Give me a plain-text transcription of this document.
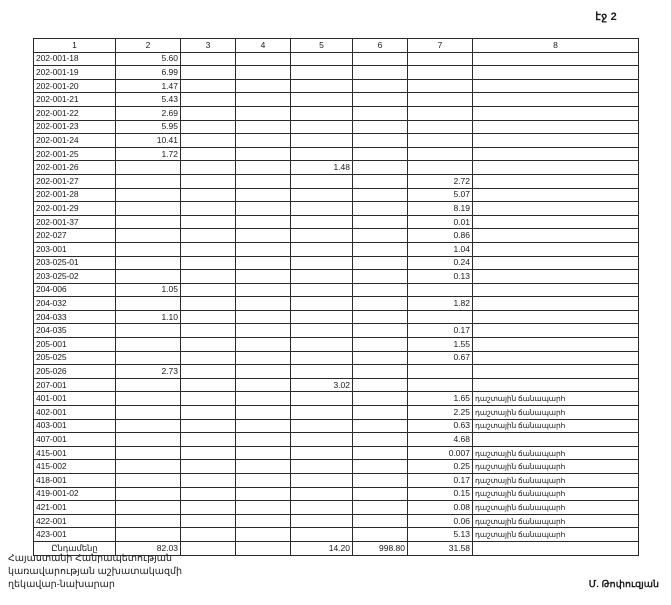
էջ 2
1	2	3	4	5	6	7	8
202-001-18	5.60						
202-001-19	6.99						
202-001-20	1.47						
202-001-21	5.43						
202-001-22	2.69						
202-001-23	5.95						
202-001-24	10.41						
202-001-25	1.72						
202-001-26				1.48			
202-001-27						2.72	
202-001-28						5.07	
202-001-29						8.19	
202-001-37						0.01	
202-027						0.86	
203-001						1.04	
203-025-01						0.24	
203-025-02						0.13	
204-006	1.05						
204-032						1.82	
204-033	1.10						
204-035						0.17	
205-001						1.55	
205-025						0.67	
205-026	2.73						
207-001				3.02			
401-001						1.65	դաշտային ճանապարհ
402-001						2.25	դաշտային ճանապարհ
403-001						0.63	դաշտային ճանապարհ
407-001						4.68	
415-001						0.007	դաշտային ճանապարհ
415-002						0.25	դաշտային ճանապարհ
418-001						0.17	դաշտային ճանապարհ
419-001-02						0.15	դաշտային ճանապարհ
421-001						0.08	դաշտային ճանապարհ
422-001						0.06	դաշտային ճանապարհ
423-001						5.13	դաշտային ճանապարհ
Ընդամենը	82.03			14.20	998.80	31.58	
Հայաստանի Հանրապետության
կառավարության աշխատակազմի
ղեկավար-նախարար	Մ. Թոփուզյան
